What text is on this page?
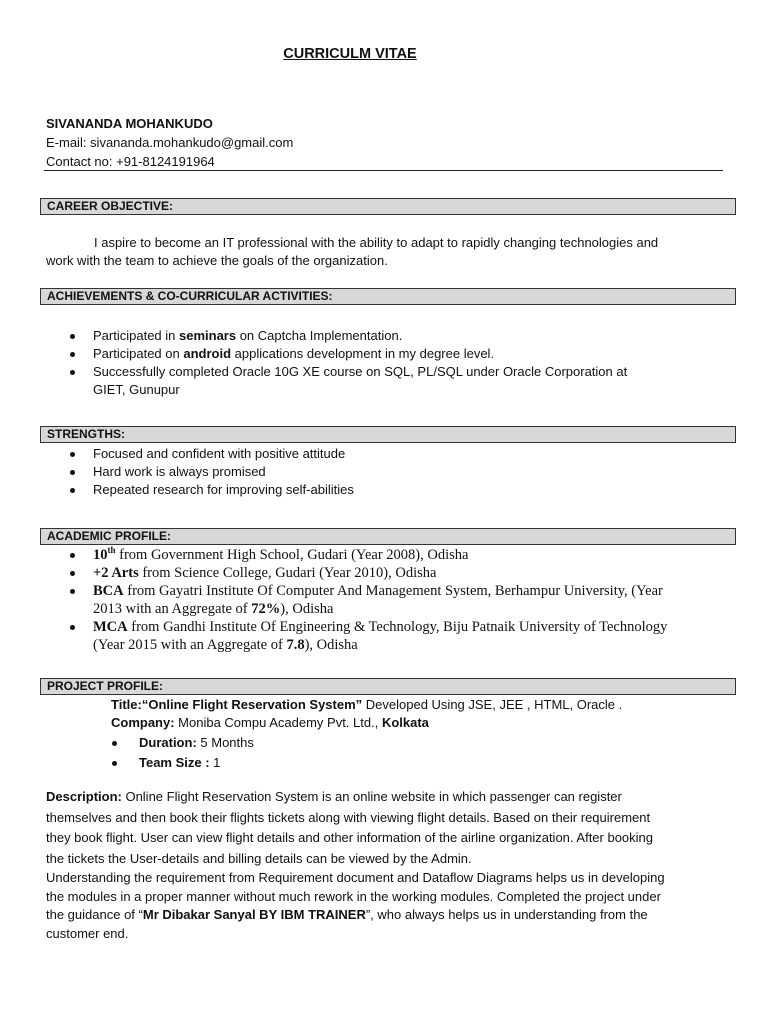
CURRICULM VITAE
SIVANANDA MOHANKUDO
E-mail: sivananda.mohankudo@gmail.com
Contact no: +91-8124191964
CAREER OBJECTIVE:
I aspire to become an IT professional with the ability to adapt to rapidly changing technologies and
work with the team to achieve the goals of the organization.
ACHIEVEMENTS & CO-CURRICULAR ACTIVITIES:
Participated in seminars on Captcha Implementation.
Participated on android applications development in my degree level.
Successfully completed Oracle 10G XE course on SQL, PL/SQL under Oracle Corporation at
GIET, Gunupur
STRENGTHS:
Focused and confident with positive attitude
Hard work is always promised
Repeated research for improving self-abilities
ACADEMIC PROFILE:
10th from Government High School, Gudari (Year 2008), Odisha
+2 Arts from Science College, Gudari (Year 2010), Odisha
BCA from Gayatri Institute Of Computer And Management System, Berhampur University, (Year
2013 with an Aggregate of 72%), Odisha
MCA from Gandhi Institute Of Engineering & Technology, Biju Patnaik University of Technology
(Year 2015 with an Aggregate of 7.8), Odisha
PROJECT PROFILE:
Title:“Online Flight Reservation System” Developed Using JSE, JEE , HTML, Oracle .
Company: Moniba Compu Academy Pvt. Ltd., Kolkata
Duration: 5 Months
Team Size : 1
Description: Online Flight Reservation System is an online website in which passenger can register
themselves and then book their flights tickets along with viewing flight details. Based on their requirement
they book flight. User can view flight details and other information of the airline organization. After booking
the tickets the User-details and billing details can be viewed by the Admin.
Understanding the requirement from Requirement document and Dataflow Diagrams helps us in developing
the modules in a proper manner without much rework in the working modules. Completed the project under
the guidance of “Mr Dibakar Sanyal BY IBM TRAINER”, who always helps us in understanding from the
customer end.
